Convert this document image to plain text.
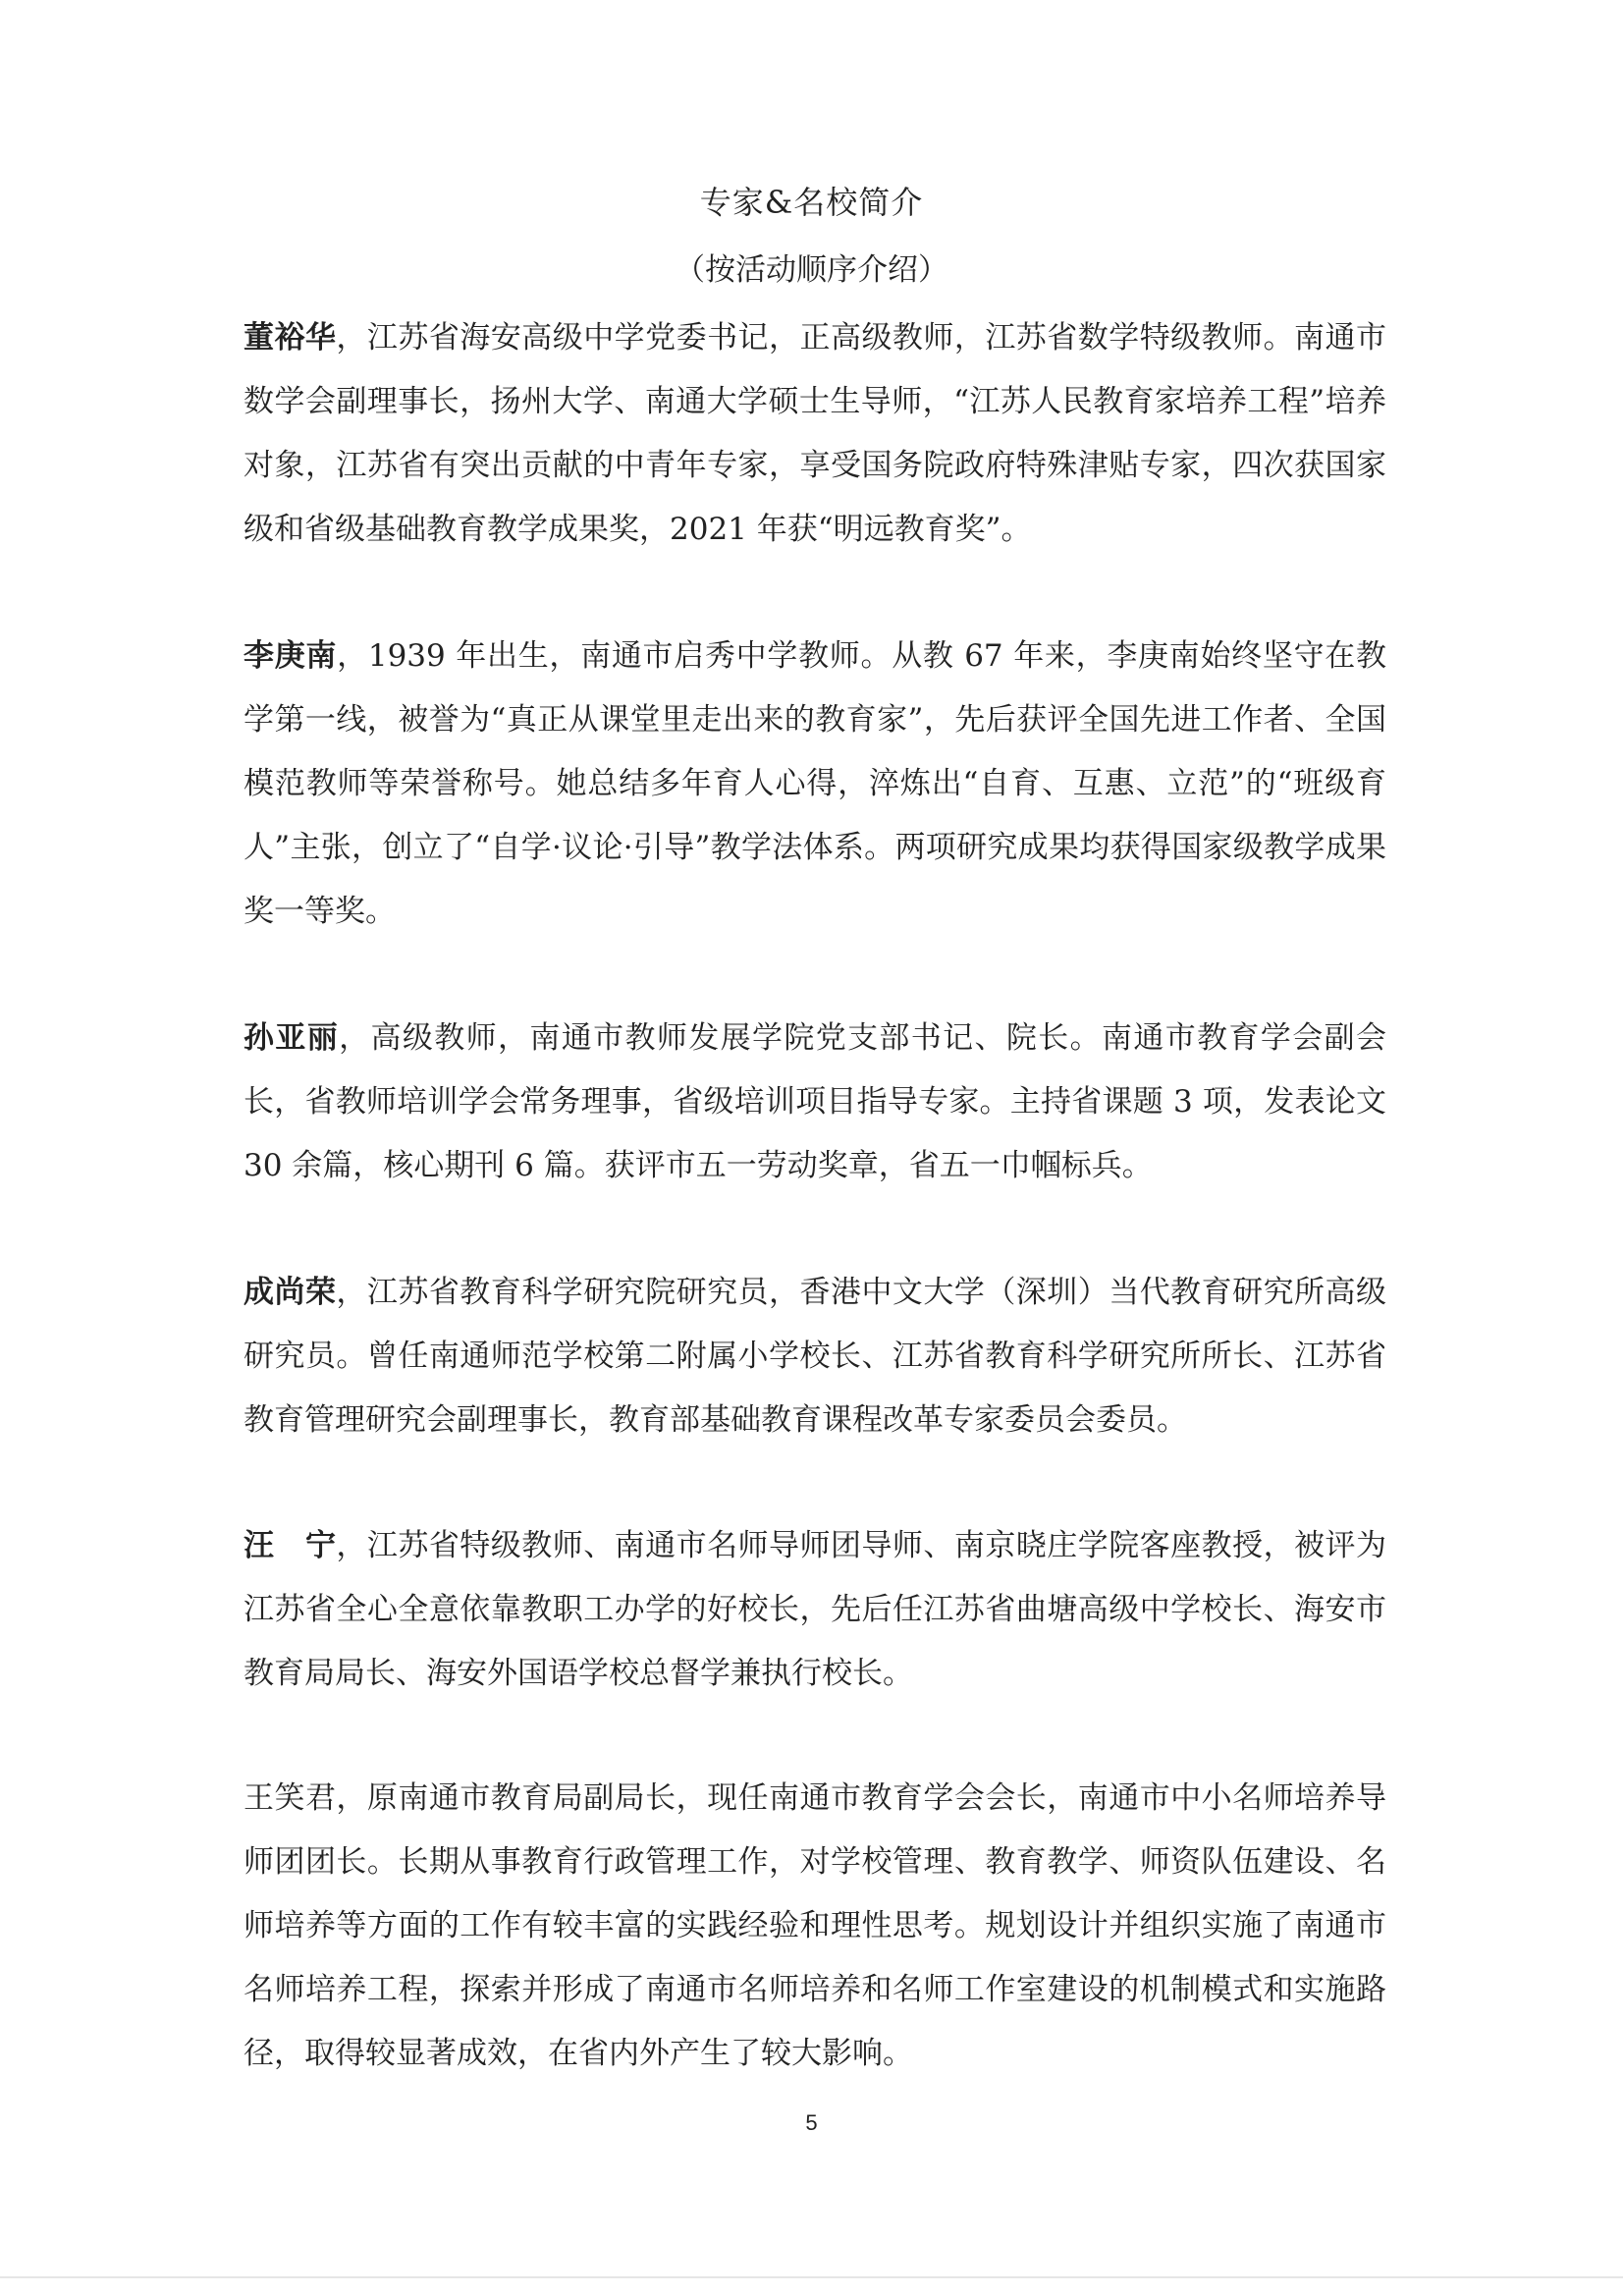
专家&名校简介
（按活动顺序介绍）
董裕华，江苏省海安高级中学党委书记，正高级教师，江苏省数学特级教师。南通市数学会副理事长，扬州大学、南通大学硕士生导师，“江苏人民教育家培养工程”培养对象，江苏省有突出贡献的中青年专家，享受国务院政府特殊津贴专家，四次获国家级和省级基础教育教学成果奖，2021 年获“明远教育奖”。
李庚南，1939 年出生，南通市启秀中学教师。从教 67 年来，李庚南始终坚守在教学第一线，被誉为“真正从课堂里走出来的教育家”，先后获评全国先进工作者、全国模范教师等荣誉称号。她总结多年育人心得，淬炼出“自育、互惠、立范”的“班级育人”主张，创立了“自学·议论·引导”教学法体系。两项研究成果均获得国家级教学成果奖一等奖。
孙亚丽，高级教师，南通市教师发展学院党支部书记、院长。南通市教育学会副会长，省教师培训学会常务理事，省级培训项目指导专家。主持省课题 3 项，发表论文 30 余篇，核心期刊 6 篇。获评市五一劳动奖章，省五一巾帼标兵。
成尚荣，江苏省教育科学研究院研究员，香港中文大学（深圳）当代教育研究所高级研究员。曾任南通师范学校第二附属小学校长、江苏省教育科学研究所所长、江苏省教育管理研究会副理事长，教育部基础教育课程改革专家委员会委员。
汪　宁，江苏省特级教师、南通市名师导师团导师、南京晓庄学院客座教授，被评为江苏省全心全意依靠教职工办学的好校长，先后任江苏省曲塘高级中学校长、海安市教育局局长、海安外国语学校总督学兼执行校长。
王笑君，原南通市教育局副局长，现任南通市教育学会会长，南通市中小名师培养导师团团长。长期从事教育行政管理工作，对学校管理、教育教学、师资队伍建设、名师培养等方面的工作有较丰富的实践经验和理性思考。规划设计并组织实施了南通市名师培养工程，探索并形成了南通市名师培养和名师工作室建设的机制模式和实施路径，取得较显著成效，在省内外产生了较大影响。
5
